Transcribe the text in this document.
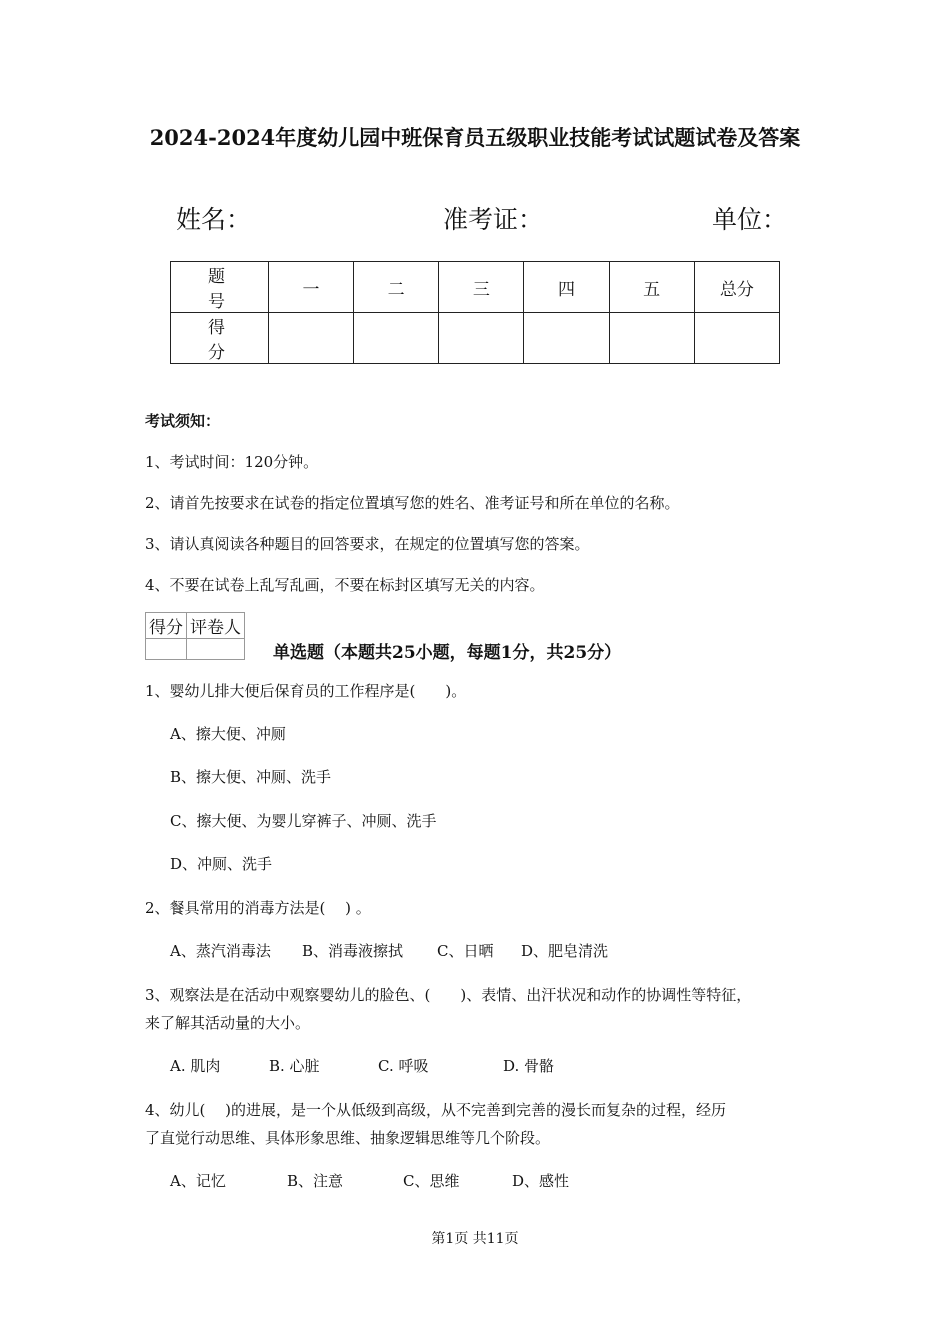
2024-2024年度幼儿园中班保育员五级职业技能考试试题试卷及答案
姓名：	准考证：	单位：
题 号	一	二	三	四	五	总分
得 分						
考试须知：
1、考试时间：120分钟。
2、请首先按要求在试卷的指定位置填写您的姓名、准考证号和所在单位的名称。
3、请认真阅读各种题目的回答要求，在规定的位置填写您的答案。
4、不要在试卷上乱写乱画，不要在标封区填写无关的内容。
得分	评卷人

单选题（本题共25小题，每题1分，共25分）
1、婴幼儿排大便后保育员的工作程序是(　　)。
A、擦大便、冲厕
B、擦大便、冲厕、洗手
C、擦大便、为婴儿穿裤子、冲厕、洗手
D、冲厕、洗手
2、餐具常用的消毒方法是(　 ) 。
A、蒸汽消毒法 B、消毒液擦拭 C、日晒 D、肥皂清洗
3、观察法是在活动中观察婴幼儿的脸色、(　　)、表情、出汗状况和动作的协调性等特征，
来了解其活动量的大小。
A. 肌肉	B. 心脏	C. 呼吸	D. 骨骼
4、幼儿(　 )的进展，是一个从低级到高级，从不完善到完善的漫长而复杂的过程，经历
了直觉行动思维、具体形象思维、抽象逻辑思维等几个阶段。
A、记忆	B、注意	C、思维	D、感性
第1页 共11页
